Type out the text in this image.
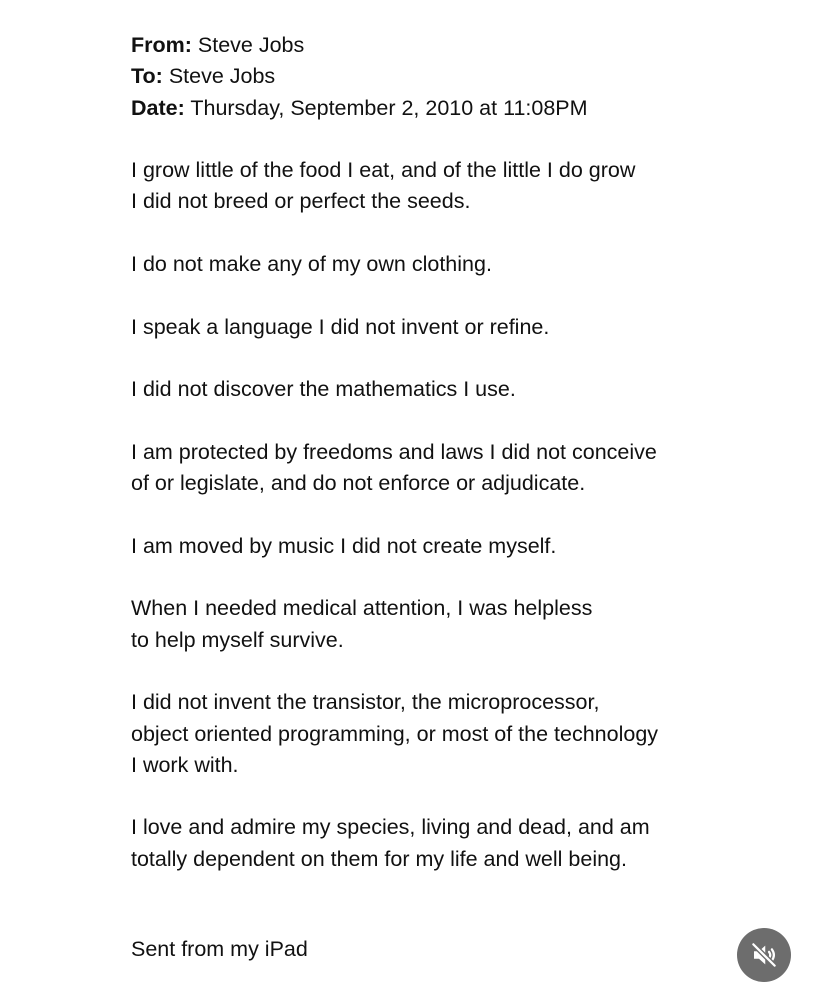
From: Steve Jobs
To: Steve Jobs
Date: Thursday, September 2, 2010 at 11:08PM
I grow little of the food I eat, and of the little I do grow
I did not breed or perfect the seeds.
I do not make any of my own clothing.
I speak a language I did not invent or refine.
I did not discover the mathematics I use.
I am protected by freedoms and laws I did not conceive
of or legislate, and do not enforce or adjudicate.
I am moved by music I did not create myself.
When I needed medical attention, I was helpless
to help myself survive.
I did not invent the transistor, the microprocessor,
object oriented programming, or most of the technology
I work with.
I love and admire my species, living and dead, and am
totally dependent on them for my life and well being.
Sent from my iPad
